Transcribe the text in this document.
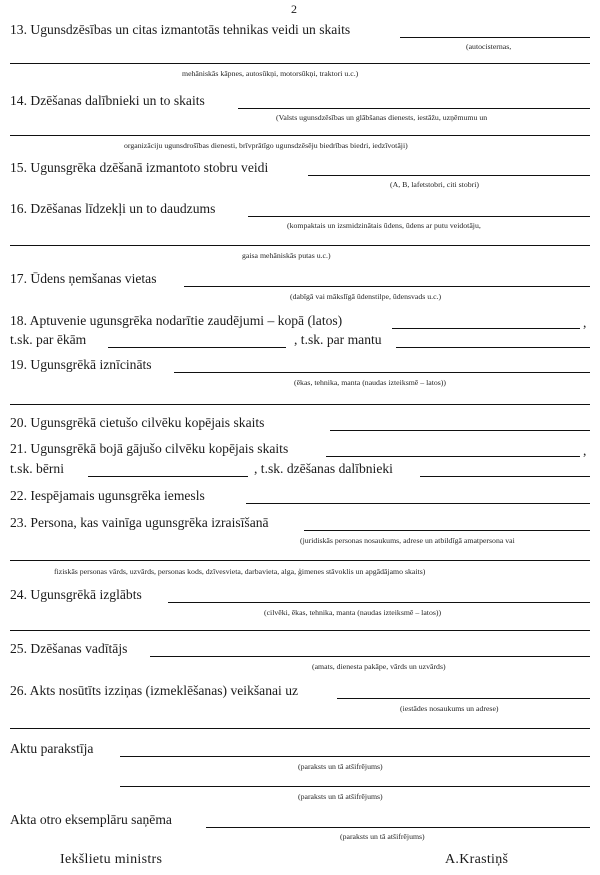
2
13. Ugunsdzēsības un citas izmantotās tehnikas veidi un skaits
(autocisternas,
mehāniskās kāpnes, autosūkņi, motorsūkņi, traktori u.c.)
14. Dzēšanas dalībnieki un to skaits
(Valsts ugunsdzēsības un glābšanas dienests, iestāžu, uzņēmumu un
organizāciju ugunsdrošības dienesti, brīvprātīgo ugunsdzēsēju biedrības biedri, iedzīvotāji)
15. Ugunsgrēka dzēšanā izmantoto stobru veidi
(A, B, lafetstobri, citi stobri)
16. Dzēšanas līdzekļi un to daudzums
(kompaktais un izsmidzinātais ūdens, ūdens ar putu veidotāju,
gaisa mehāniskās putas u.c.)
17. Ūdens ņemšanas vietas
(dabīgā vai mākslīgā ūdenstilpe, ūdensvads u.c.)
18. Aptuvenie ugunsgrēka nodarītie zaudējumi – kopā (latos)	,
t.sk. par ēkām	, t.sk. par mantu
19. Ugunsgrēkā iznīcināts
(ēkas, tehnika, manta (naudas izteiksmē – latos))
20. Ugunsgrēkā cietušo cilvēku kopējais skaits
21. Ugunsgrēkā bojā gājušo cilvēku kopējais skaits	,
t.sk. bērni	, t.sk. dzēšanas dalībnieki
22. Iespējamais ugunsgrēka iemesls
23. Persona, kas vainīga ugunsgrēka izraisīšanā
(juridiskās personas nosaukums, adrese un atbildīgā amatpersona vai
fiziskās personas vārds, uzvārds, personas kods, dzīvesvieta, darbavieta, alga, ģimenes stāvoklis un apgādājamo skaits)
24. Ugunsgrēkā izglābts
(cilvēki, ēkas, tehnika, manta (naudas izteiksmē – latos))
25. Dzēšanas vadītājs
(amats, dienesta pakāpe, vārds un uzvārds)
26. Akts nosūtīts izziņas (izmeklēšanas) veikšanai uz
(iestādes nosaukums un adrese)
Aktu parakstīja
(paraksts un tā atšifrējums)
(paraksts un tā atšifrējums)
Akta otro eksemplāru saņēma
(paraksts un tā atšifrējums)
Iekšlietu ministrs	A.Krastiņš
